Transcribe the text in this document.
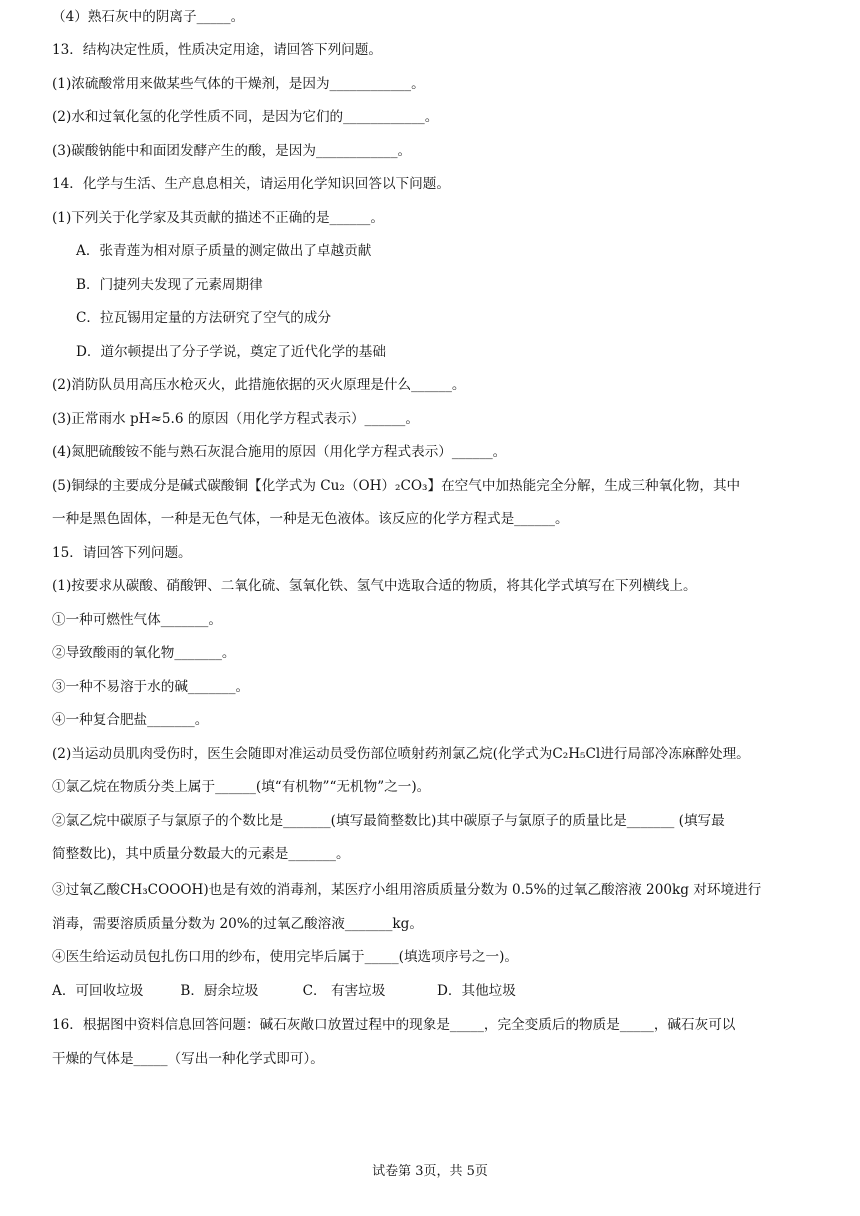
（4）熟石灰中的阴离子_____。
13．结构决定性质，性质决定用途，请回答下列问题。
(1)浓硫酸常用来做某些气体的干燥剂，是因为____________。
(2)水和过氧化氢的化学性质不同，是因为它们的____________。
(3)碳酸钠能中和面团发酵产生的酸，是因为____________。
14．化学与生活、生产息息相关，请运用化学知识回答以下问题。
(1)下列关于化学家及其贡献的描述不正确的是______。
A．张青莲为相对原子质量的测定做出了卓越贡献
B．门捷列夫发现了元素周期律
C．拉瓦锡用定量的方法研究了空气的成分
D．道尔顿提出了分子学说，奠定了近代化学的基础
(2)消防队员用高压水枪灭火，此措施依据的灭火原理是什么______。
(3)正常雨水 pH≈5.6 的原因（用化学方程式表示）______。
(4)氮肥硫酸铵不能与熟石灰混合施用的原因（用化学方程式表示）______。
(5)铜绿的主要成分是碱式碳酸铜【化学式为 Cu₂（OH）₂CO₃】在空气中加热能完全分解，生成三种氧化物，其中
一种是黑色固体，一种是无色气体，一种是无色液体。该反应的化学方程式是______。
15．请回答下列问题。
(1)按要求从碳酸、硝酸钾、二氧化硫、氢氧化铁、氢气中选取合适的物质，将其化学式填写在下列横线上。
①一种可燃性气体_______。
②导致酸雨的氧化物_______。
③一种不易溶于水的碱_______。
④一种复合肥盐_______。
(2)当运动员肌肉受伤时，医生会随即对准运动员受伤部位喷射药剂氯乙烷(化学式为C₂H₅Cl进行局部冷冻麻醉处理。
①氯乙烷在物质分类上属于______(填“有机物”“无机物”之一)。
②氯乙烷中碳原子与氯原子的个数比是_______(填写最简整数比)其中碳原子与氯原子的质量比是_______ (填写最
简整数比)，其中质量分数最大的元素是_______。
③过氧乙酸CH₃COOOH)也是有效的消毒剂，某医疗小组用溶质质量分数为 0.5%的过氧乙酸溶液 200kg 对环境进行
消毒，需要溶质质量分数为 20%的过氧乙酸溶液_______kg。
④医生给运动员包扎伤口用的纱布，使用完毕后属于_____(填选项序号之一)。
A．可回收垃圾	B．厨余垃圾	C． 有害垃圾	D．其他垃圾
16．根据图中资料信息回答问题：碱石灰敞口放置过程中的现象是_____，完全变质后的物质是_____，碱石灰可以
干燥的气体是_____（写出一种化学式即可）。
试卷第 3页，共 5页
